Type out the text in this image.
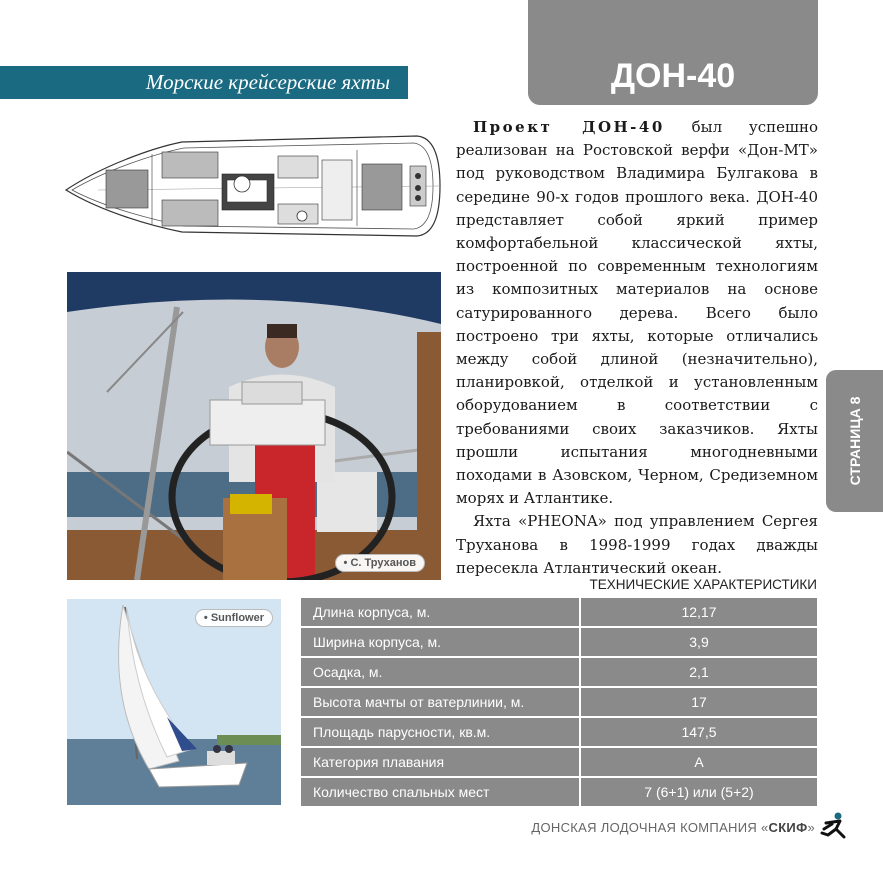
Морские крейсерские яхты	ДОН-40
СТРАНИЦА 8
• С. Труханов
• Sunflower

Проект ДОН-40 был успешно реализован на Ростовской верфи «Дон-МТ» под руководством Владимира Булгакова в середине 90-х годов прошлого века. ДОН-40 представляет собой яркий пример комфортабельной классической яхты, построенной по современным технологиям из композитных материалов на основе сатурированного дерева. Всего было построено три яхты, которые отличались между собой длиной (незначительно), планировкой, отделкой и установленным оборудованием в соответствии с требованиями своих заказчиков. Яхты прошли испытания многодневными походами в Азовском, Черном, Средиземном морях и Атлантике.

Яхта «PHEONA» под управлением Сергея Труханова в 1998-1999 годах дважды пересекла Атлантический океан.

ТЕХНИЧЕСКИЕ ХАРАКТЕРИСТИКИ
Длина корпуса, м.	12,17
Ширина корпуса, м.	3,9
Осадка, м.	2,1
Высота мачты от ватерлинии, м.	17
Площадь парусности, кв.м.	147,5
Категория плавания	A
Количество спальных мест	7 (6+1) или (5+2)
ДОНСКАЯ ЛОДОЧНАЯ КОМПАНИЯ «СКИФ»
